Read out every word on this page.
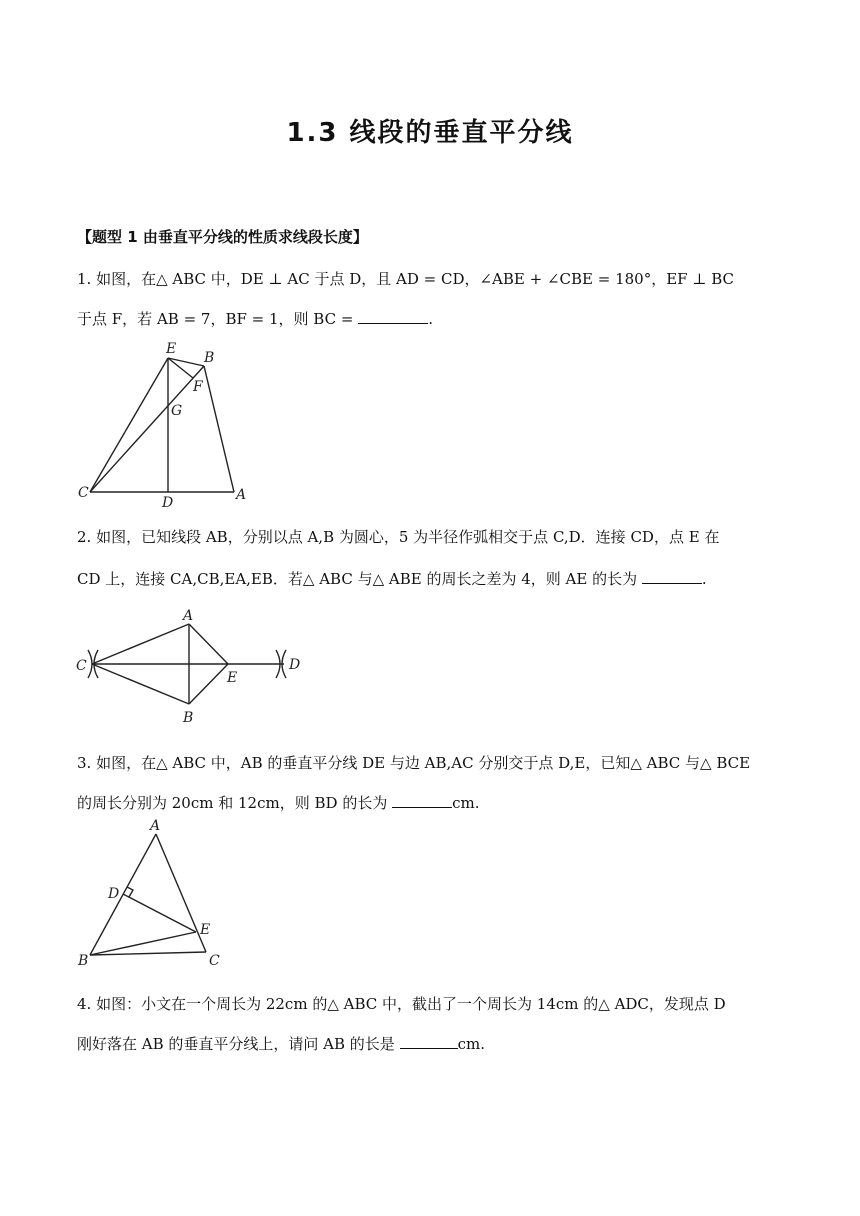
1.3 线段的垂直平分线
【题型 1 由垂直平分线的性质求线段长度】
1. 如图，在△ ABC 中，DE ⊥ AC 于点 D，且 AD = CD，∠ABE + ∠CBE = 180°，EF ⊥ BC
于点 F，若 AB = 7，BF = 1，则 BC =	.
E
B
F
G
C
D	A
2. 如图，已知线段 AB，分别以点 A,B 为圆心，5 为半径作弧相交于点 C,D．连接 CD，点 E 在
CD 上，连接 CA,CB,EA,EB．若△ ABC 与△ ABE 的周长之差为 4，则 AE 的长为	.
A
C
E
D
B
3. 如图，在△ ABC 中，AB 的垂直平分线 DE 与边 AB,AC 分别交于点 D,E，已知△ ABC 与△ BCE
的周长分别为 20cm 和 12cm，则 BD 的长为	cm.
A
D
E
B	C
4. 如图：小文在一个周长为 22cm 的△ ABC 中，截出了一个周长为 14cm 的△ ADC，发现点 D
刚好落在 AB 的垂直平分线上，请问 AB 的长是	cm.
